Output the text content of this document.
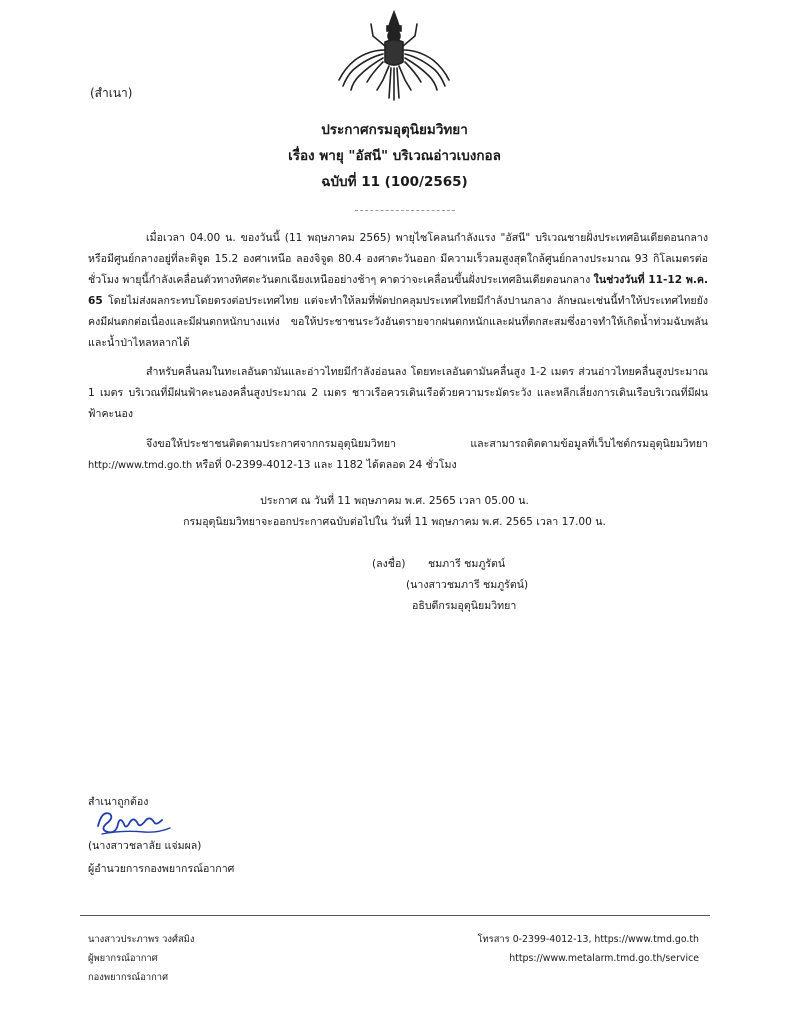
(สำเนา)
ประกาศกรมอุตุนิยมวิทยา
เรื่อง พายุ "อัสนี" บริเวณอ่าวเบงกอล
ฉบับที่ 11 (100/2565)

เมื่อเวลา 04.00 น. ของวันนี้ (11 พฤษภาคม 2565) พายุไซโคลนกำลังแรง "อัสนี" บริเวณชายฝั่งประเทศอินเดียตอนกลาง หรือมีศูนย์กลางอยู่ที่ละติจูด 15.2 องศาเหนือ ลองจิจูด 80.4 องศาตะวันออก มีความเร็วลมสูงสุดใกล้ศูนย์กลางประมาณ 93 กิโลเมตรต่อชั่วโมง พายุนี้กำลังเคลื่อนตัวทางทิศตะวันตกเฉียงเหนืออย่างช้าๆ คาดว่าจะเคลื่อนขึ้นฝั่งประเทศอินเดียตอนกลาง ในช่วงวันที่ 11-12 พ.ค. 65 โดยไม่ส่งผลกระทบโดยตรงต่อประเทศไทย แต่จะทำให้ลมที่พัดปกคลุมประเทศไทยมีกำลังปานกลาง ลักษณะเช่นนี้ทำให้ประเทศไทยยังคงมีฝนตกต่อเนื่องและมีฝนตกหนักบางแห่ง ขอให้ประชาชนระวังอันตรายจากฝนตกหนักและฝนที่ตกสะสมซึ่งอาจทำให้เกิดน้ำท่วมฉับพลันและน้ำป่าไหลหลากได้

สำหรับคลื่นลมในทะเลอันดามันและอ่าวไทยมีกำลังอ่อนลง โดยทะเลอันดามันคลื่นสูง 1-2 เมตร ส่วนอ่าวไทยคลื่นสูงประมาณ 1 เมตร บริเวณที่มีฝนฟ้าคะนองคลื่นสูงประมาณ 2 เมตร ชาวเรือควรเดินเรือด้วยความระมัดระวัง และหลีกเลี่ยงการเดินเรือบริเวณที่มีฝนฟ้าคะนอง

จึงขอให้ประชาชนติดตามประกาศจากกรมอุตุนิยมวิทยา และสามารถติดตามข้อมูลที่เว็บไซต์กรมอุตุนิยมวิทยา http://www.tmd.go.th หรือที่ 0-2399-4012-13 และ 1182 ได้ตลอด 24 ชั่วโมง

ประกาศ ณ วันที่ 11 พฤษภาคม พ.ศ. 2565 เวลา 05.00 น.
กรมอุตุนิยมวิทยาจะออกประกาศฉบับต่อไปใน วันที่ 11 พฤษภาคม พ.ศ. 2565 เวลา 17.00 น.
(ลงชื่อ) ชมภารี ชมภูรัตน์
(นางสาวชมภารี ชมภูรัตน์)
อธิบดีกรมอุตุนิยมวิทยา
สำเนาถูกต้อง
(นางสาวชลาลัย แจ่มผล)
ผู้อำนวยการกองพยากรณ์อากาศ
นางสาวประภาพร วงศ์สมิง
ผู้พยากรณ์อากาศ
กองพยากรณ์อากาศ
โทรสาร 0-2399-4012-13, https://www.tmd.go.th
https://www.metalarm.tmd.go.th/service
